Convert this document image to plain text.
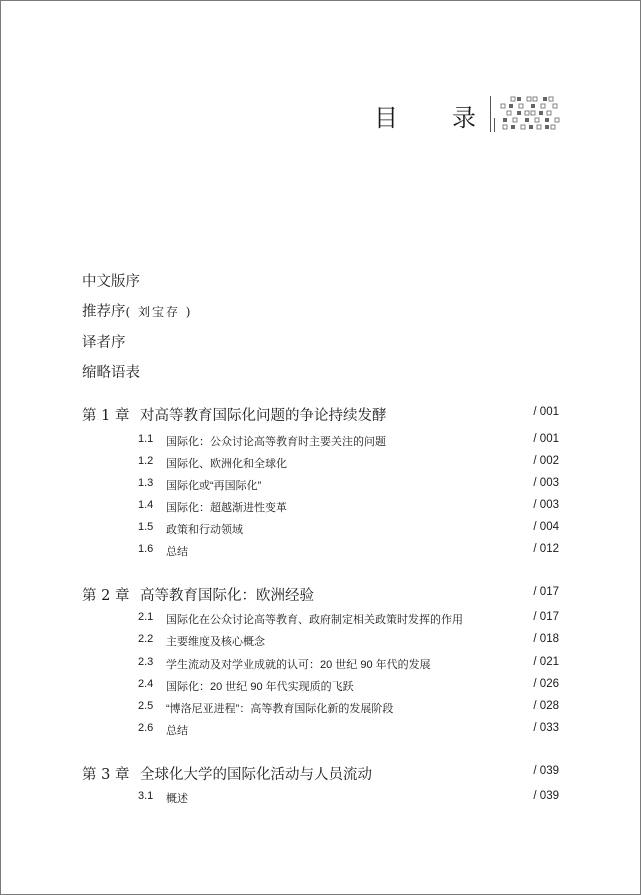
目 录
中文版序
推荐序( 刘宝存 )
译者序
缩略语表
第 1 章 对高等教育国际化问题的争论持续发酵	/ 001
1.1 国际化：公众讨论高等教育时主要关注的问题	/ 001
1.2 国际化、欧洲化和全球化	/ 002
1.3 国际化或“再国际化”	/ 003
1.4 国际化：超越渐进性变革	/ 003
1.5 政策和行动领域	/ 004
1.6 总结	/ 012
第 2 章 高等教育国际化：欧洲经验	/ 017
2.1 国际化在公众讨论高等教育、政府制定相关政策时发挥的作用	/ 017
2.2 主要维度及核心概念	/ 018
2.3 学生流动及对学业成就的认可：20 世纪 90 年代的发展	/ 021
2.4 国际化：20 世纪 90 年代实现质的飞跃	/ 026
2.5 “博洛尼亚进程”：高等教育国际化新的发展阶段	/ 028
2.6 总结	/ 033
第 3 章 全球化大学的国际化活动与人员流动	/ 039
3.1 概述	/ 039
